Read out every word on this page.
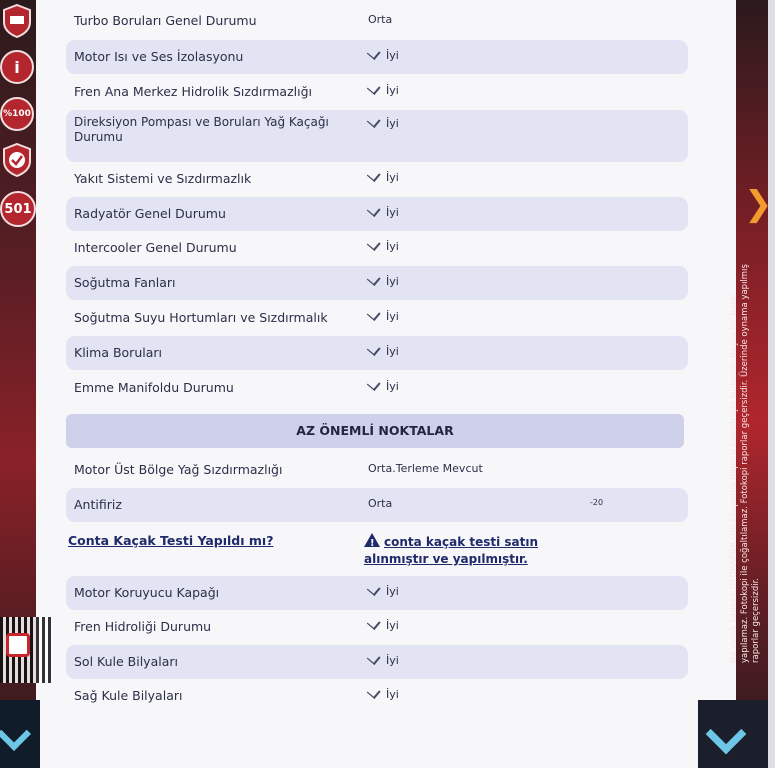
i
%100
501	❯
Bu evrak sadece OTORAPOR Oto Ekspertiz Raporu basımı için kullanılır. Başka bir baskı yapılamaz. Fotokopi ile çoğaltılamaz. Fotokopi raporlar geçersizdir. Üzerinde oynama yapılmış raporlar geçersizdir.
Turbo Boruları Genel Durumu	Orta
Motor Isı ve Ses İzolasyonu	İyi
Fren Ana Merkez Hidrolik Sızdırmazlığı	İyi
Direksiyon Pompası ve Boruları Yağ Kaçağı Durumu
İyi
Yakıt Sistemi ve Sızdırmazlık	İyi
Radyatör Genel Durumu	İyi
Intercooler Genel Durumu	İyi
Soğutma Fanları	İyi
Soğutma Suyu Hortumları ve Sızdırmalık	İyi
Klima Boruları	İyi
Emme Manifoldu Durumu	İyi
AZ ÖNEMLİ NOKTALAR
Motor Üst Bölge Yağ Sızdırmazlığı	Orta.Terleme Mevcut
Antifiriz	Orta	-20
Conta Kaçak Testi Yapıldı mı?
!	conta kaçak testi satın alınmıştır ve yapılmıştır.
Motor Koruyucu Kapağı	İyi
Fren Hidroliği Durumu	İyi
Sol Kule Bilyaları	İyi
Sağ Kule Bilyaları	İyi
